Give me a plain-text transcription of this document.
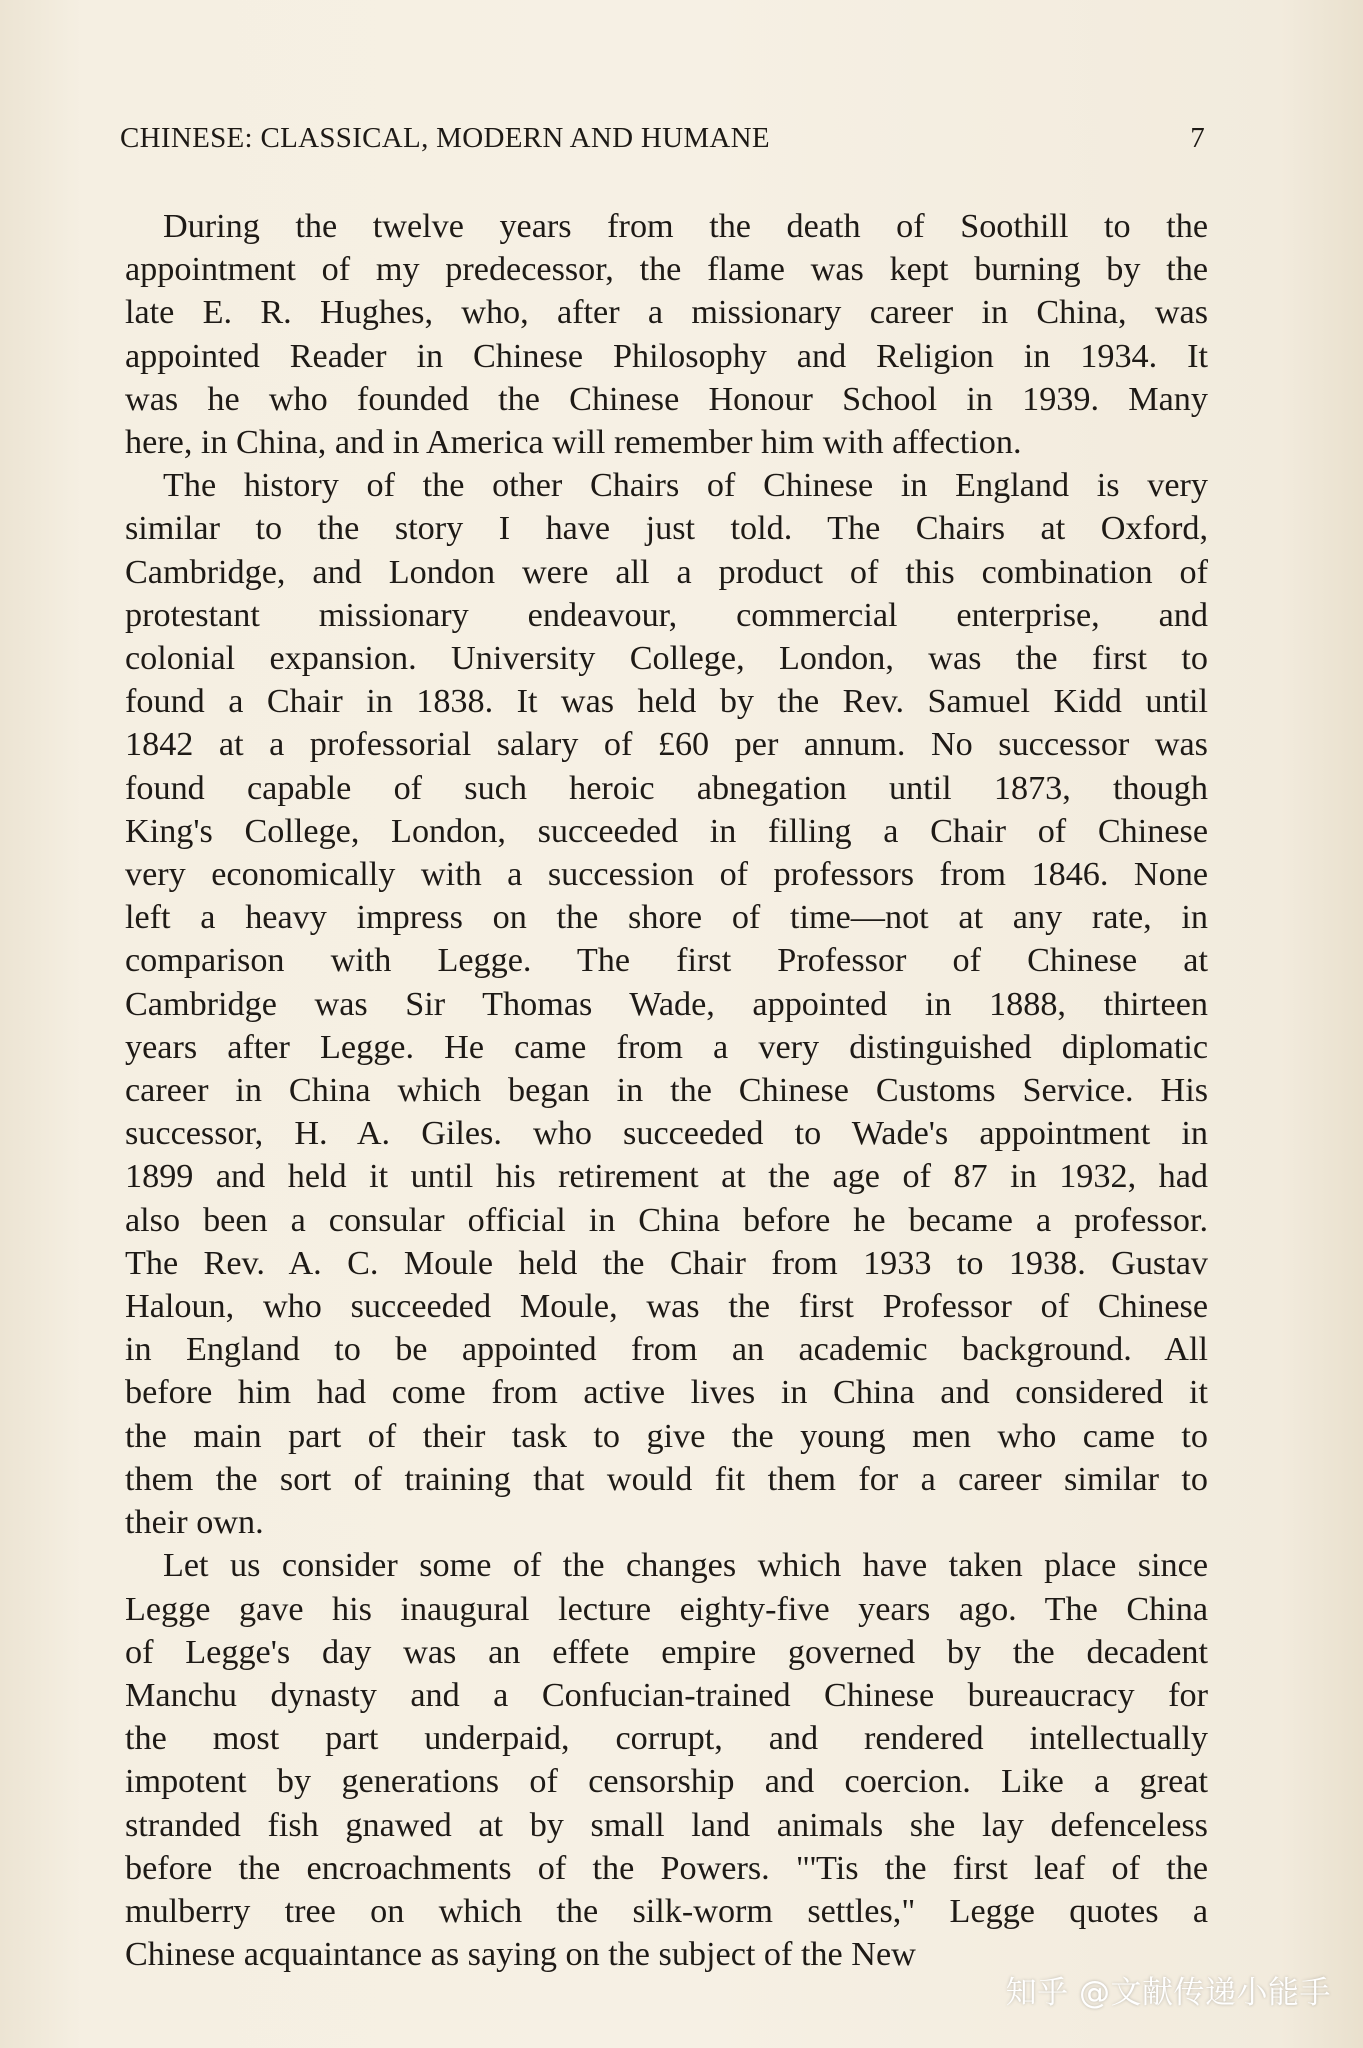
CHINESE: CLASSICAL, MODERN AND HUMANE	7
During the twelve years from the death of Soothill to the
appointment of my predecessor, the flame was kept burning by the
late E. R. Hughes, who, after a missionary career in China, was
appointed Reader in Chinese Philosophy and Religion in 1934. It
was he who founded the Chinese Honour School in 1939. Many
here, in China, and in America will remember him with affection.
The history of the other Chairs of Chinese in England is very
similar to the story I have just told. The Chairs at Oxford,
Cambridge, and London were all a product of this combination of
protestant missionary endeavour, commercial enterprise, and
colonial expansion. University College, London, was the first to
found a Chair in 1838. It was held by the Rev. Samuel Kidd until
1842 at a professorial salary of £60 per annum. No successor was
found capable of such heroic abnegation until 1873, though
King's College, London, succeeded in filling a Chair of Chinese
very economically with a succession of professors from 1846. None
left a heavy impress on the shore of time—not at any rate, in
comparison with Legge. The first Professor of Chinese at
Cambridge was Sir Thomas Wade, appointed in 1888, thirteen
years after Legge. He came from a very distinguished diplomatic
career in China which began in the Chinese Customs Service. His
successor, H. A. Giles. who succeeded to Wade's appointment in
1899 and held it until his retirement at the age of 87 in 1932, had
also been a consular official in China before he became a professor.
The Rev. A. C. Moule held the Chair from 1933 to 1938. Gustav
Haloun, who succeeded Moule, was the first Professor of Chinese
in England to be appointed from an academic background. All
before him had come from active lives in China and considered it
the main part of their task to give the young men who came to
them the sort of training that would fit them for a career similar to
their own.
Let us consider some of the changes which have taken place since
Legge gave his inaugural lecture eighty-five years ago. The China
of Legge's day was an effete empire governed by the decadent
Manchu dynasty and a Confucian-trained Chinese bureaucracy for
the most part underpaid, corrupt, and rendered intellectually
impotent by generations of censorship and coercion. Like a great
stranded fish gnawed at by small land animals she lay defenceless
before the encroachments of the Powers. "'Tis the first leaf of the
mulberry tree on which the silk-worm settles," Legge quotes a
Chinese acquaintance as saying on the subject of the New
知乎 @文献传递小能手
